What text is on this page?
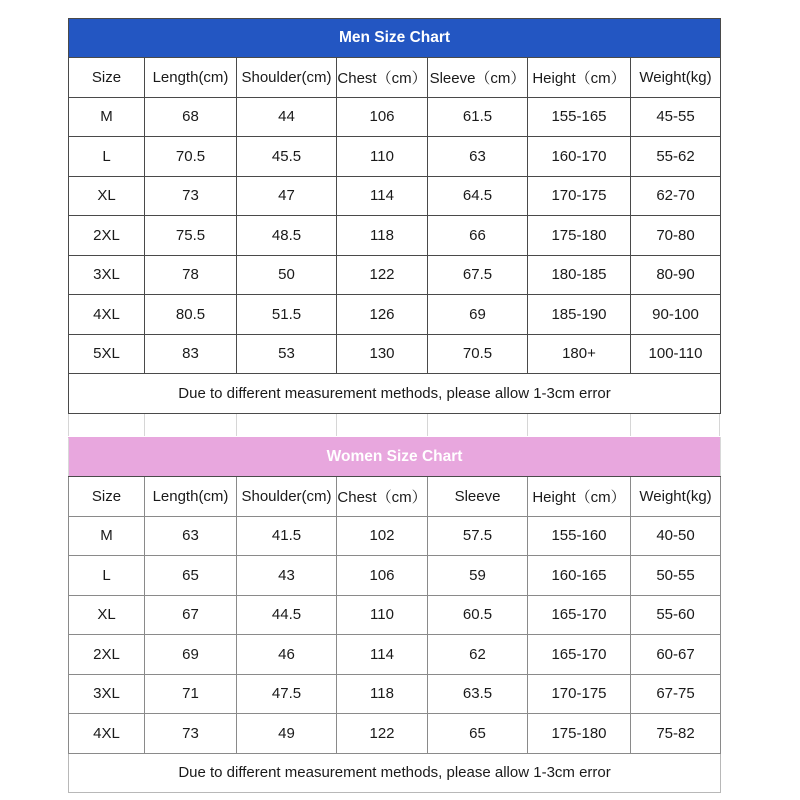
Men Size Chart						
Size	Length(cm)	Shoulder(cm)	Chest（cm）	Sleeve（cm）	Height（cm）	Weight(kg)
M	68	44	106	61.5	155-165	45-55
L	70.5	45.5	110	63	160-170	55-62
XL	73	47	114	64.5	170-175	62-70
2XL	75.5	48.5	118	66	175-180	70-80
3XL	78	50	122	67.5	180-185	80-90
4XL	80.5	51.5	126	69	185-190	90-100
5XL	83	53	130	70.5	180+	100-110
Due to different measurement methods, please allow 1-3cm error						
Women Size Chart						
Size	Length(cm)	Shoulder(cm)	Chest（cm）	Sleeve	Height（cm）	Weight(kg)
M	63	41.5	102	57.5	155-160	40-50
L	65	43	106	59	160-165	50-55
XL	67	44.5	110	60.5	165-170	55-60
2XL	69	46	114	62	165-170	60-67
3XL	71	47.5	118	63.5	170-175	67-75
4XL	73	49	122	65	175-180	75-82
Due to different measurement methods, please allow 1-3cm error						
